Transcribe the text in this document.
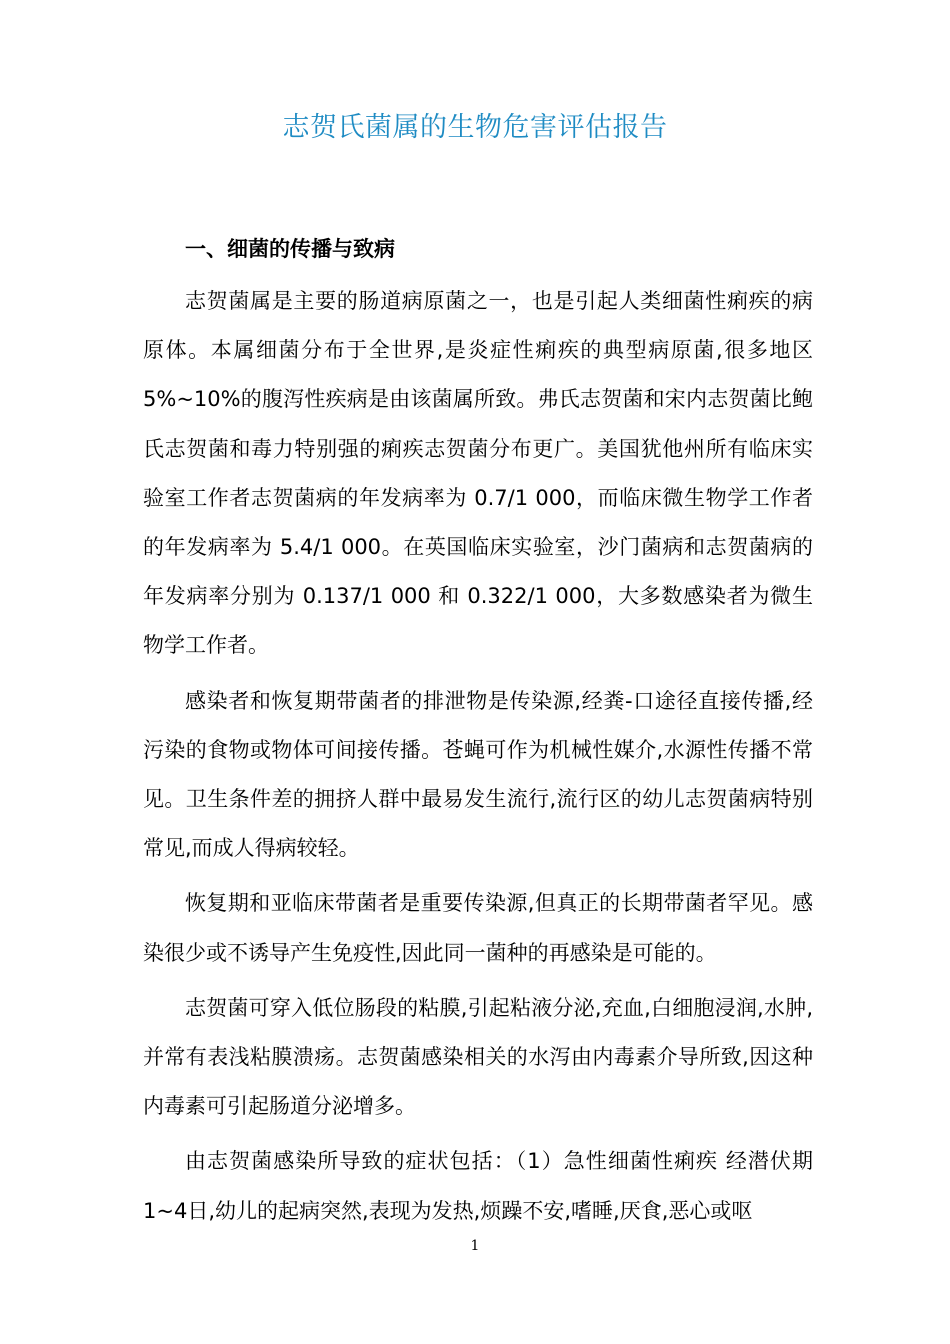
志贺氏菌属的生物危害评估报告

一、细菌的传播与致病

志贺菌属是主要的肠道病原菌之一，也是引起人类细菌性痢疾的病原体。本属细菌分布于全世界,是炎症性痢疾的典型病原菌,很多地区 5%~10%的腹泻性疾病是由该菌属所致。弗氏志贺菌和宋内志贺菌比鲍氏志贺菌和毒力特别强的痢疾志贺菌分布更广。美国犹他州所有临床实验室工作者志贺菌病的年发病率为 0.7/1 000，而临床微生物学工作者的年发病率为 5.4/1 000。在英国临床实验室，沙门菌病和志贺菌病的年发病率分别为 0.137/1 000 和 0.322/1 000，大多数感染者为微生物学工作者。

感染者和恢复期带菌者的排泄物是传染源,经粪-口途径直接传播,经污染的食物或物体可间接传播。苍蝇可作为机械性媒介,水源性传播不常见。卫生条件差的拥挤人群中最易发生流行,流行区的幼儿志贺菌病特别常见,而成人得病较轻。

恢复期和亚临床带菌者是重要传染源,但真正的长期带菌者罕见。感染很少或不诱导产生免疫性,因此同一菌种的再感染是可能的。

志贺菌可穿入低位肠段的粘膜,引起粘液分泌,充血,白细胞浸润,水肿,并常有表浅粘膜溃疡。志贺菌感染相关的水泻由内毒素介导所致,因这种内毒素可引起肠道分泌增多。

由志贺菌感染所导致的症状包括：（1）急性细菌性痢疾 经潜伏期1~4日,幼儿的起病突然,表现为发热,烦躁不安,嗜睡,厌食,恶心或呕

1
